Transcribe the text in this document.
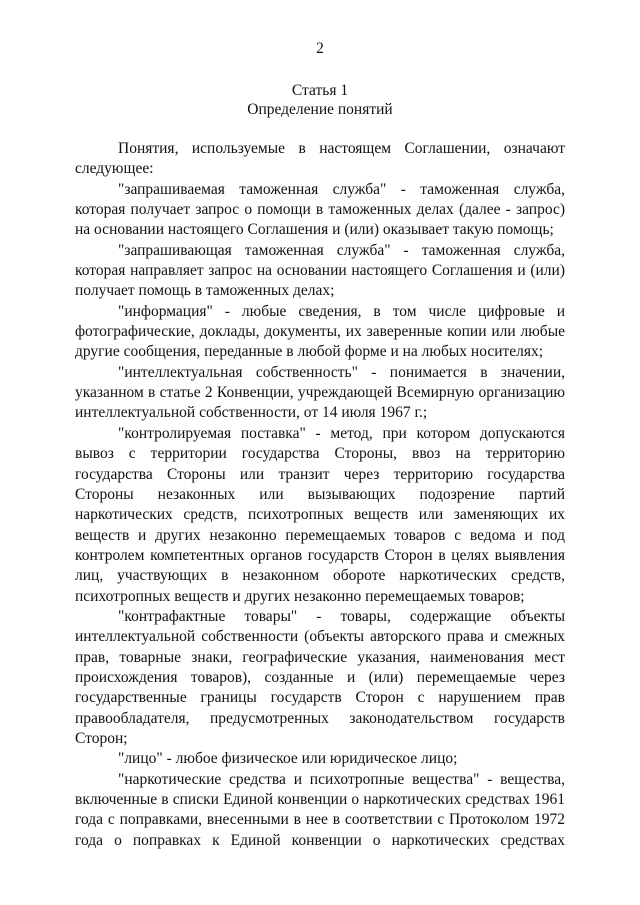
2
Статья 1
Определение понятий

Понятия, используемые в настоящем Соглашении, означают следующее:

"запрашиваемая таможенная служба" - таможенная служба, которая получает запрос о помощи в таможенных делах (далее - запрос) на основании настоящего Соглашения и (или) оказывает такую помощь;

"запрашивающая таможенная служба" - таможенная служба, которая направляет запрос на основании настоящего Соглашения и (или) получает помощь в таможенных делах;

"информация" - любые сведения, в том числе цифровые и фотографические, доклады, документы, их заверенные копии или любые другие сообщения, переданные в любой форме и на любых носителях;

"интеллектуальная собственность" - понимается в значении, указанном в статье 2 Конвенции, учреждающей Всемирную организацию интеллектуальной собственности, от 14 июля 1967 г.;

"контролируемая поставка" - метод, при котором допускаются вывоз с территории государства Стороны, ввоз на территорию государства Стороны или транзит через территорию государства Стороны незаконных или вызывающих подозрение партий наркотических средств, психотропных веществ или заменяющих их веществ и других незаконно перемещаемых товаров с ведома и под контролем компетентных органов государств Сторон в целях выявления лиц, участвующих в незаконном обороте наркотических средств, психотропных веществ и других незаконно перемещаемых товаров;

"контрафактные товары" - товары, содержащие объекты интеллектуальной собственности (объекты авторского права и смежных прав, товарные знаки, географические указания, наименования мест происхождения товаров), созданные и (или) перемещаемые через государственные границы государств Сторон с нарушением прав правообладателя, предусмотренных законодательством государств Сторон;

"лицо" - любое физическое или юридическое лицо;

"наркотические средства и психотропные вещества" - вещества, включенные в списки Единой конвенции о наркотических средствах 1961 года с поправками, внесенными в нее в соответствии с Протоколом 1972 года о поправках к Единой конвенции о наркотических средствах
